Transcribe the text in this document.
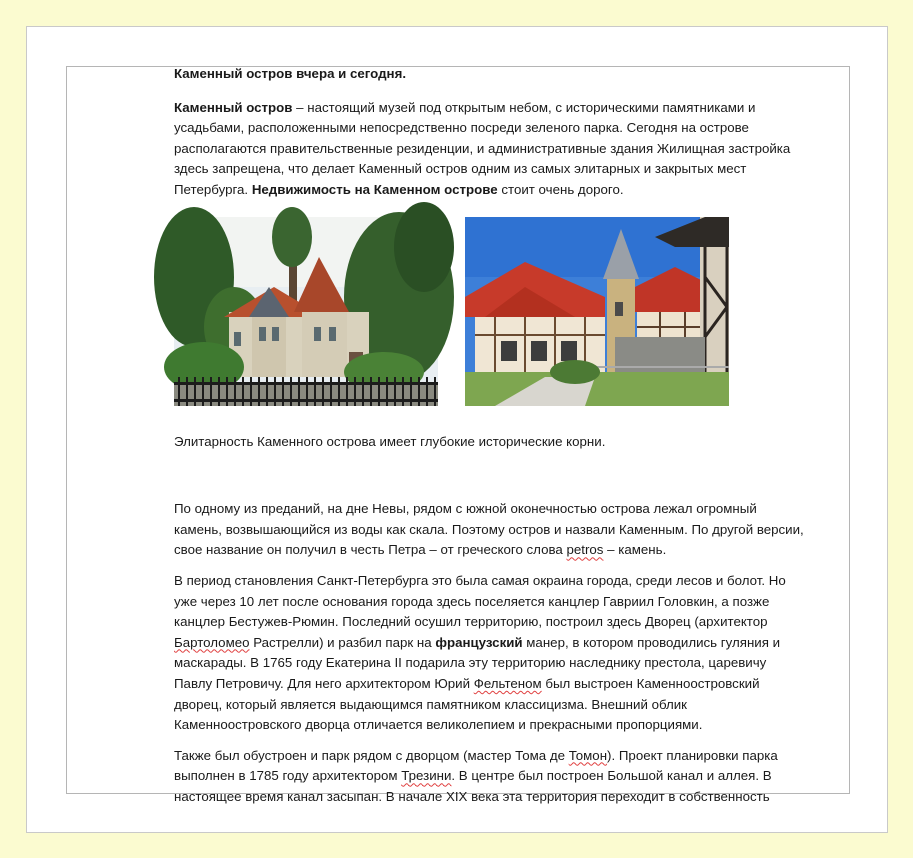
Каменный остров вчера и сегодня.

Каменный остров – настоящий музей под открытым небом, с историческими памятниками и усадьбами, расположенными непосредственно посреди зеленого парка. Сегодня на острове располагаются правительственные резиденции, и административные здания Жилищная застройка здесь запрещена, что делает Каменный остров одним из самых элитарных и закрытых мест Петербурга. Недвижимость на Каменном острове стоит очень дорого.

Элитарность Каменного острова имеет глубокие исторические корни.

По одному из преданий, на дне Невы, рядом с южной оконечностью острова лежал огромный камень, возвышающийся из воды как скала. Поэтому остров и назвали Каменным. По другой версии, свое название он получил в честь Петра – от греческого слова petros – камень.

В период становления Санкт-Петербурга это была самая окраина города, среди лесов и болот. Но уже через 10 лет после основания города здесь поселяется канцлер Гавриил Головкин, а позже канцлер Бестужев-Рюмин. Последний осушил территорию, построил здесь Дворец (архитектор Бартоломео Растрелли) и разбил парк на французский манер, в котором проводились гуляния и маскарады. В 1765 году Екатерина II подарила эту территорию наследнику престола, царевичу Павлу Петровичу. Для него архитектором Юрий Фельтеном был выстроен Каменноостровский дворец, который является выдающимся памятником классицизма. Внешний облик Каменноостровского дворца отличается великолепием и прекрасными пропорциями.

Также был обустроен и парк рядом с дворцом (мастер Тома де Томон). Проект планировки парка выполнен в 1785 году архитектором Трезини. В центре был построен Большой канал и аллея. В настоящее время канал засыпан. В начале XIX века эта территория переходит в собственность
